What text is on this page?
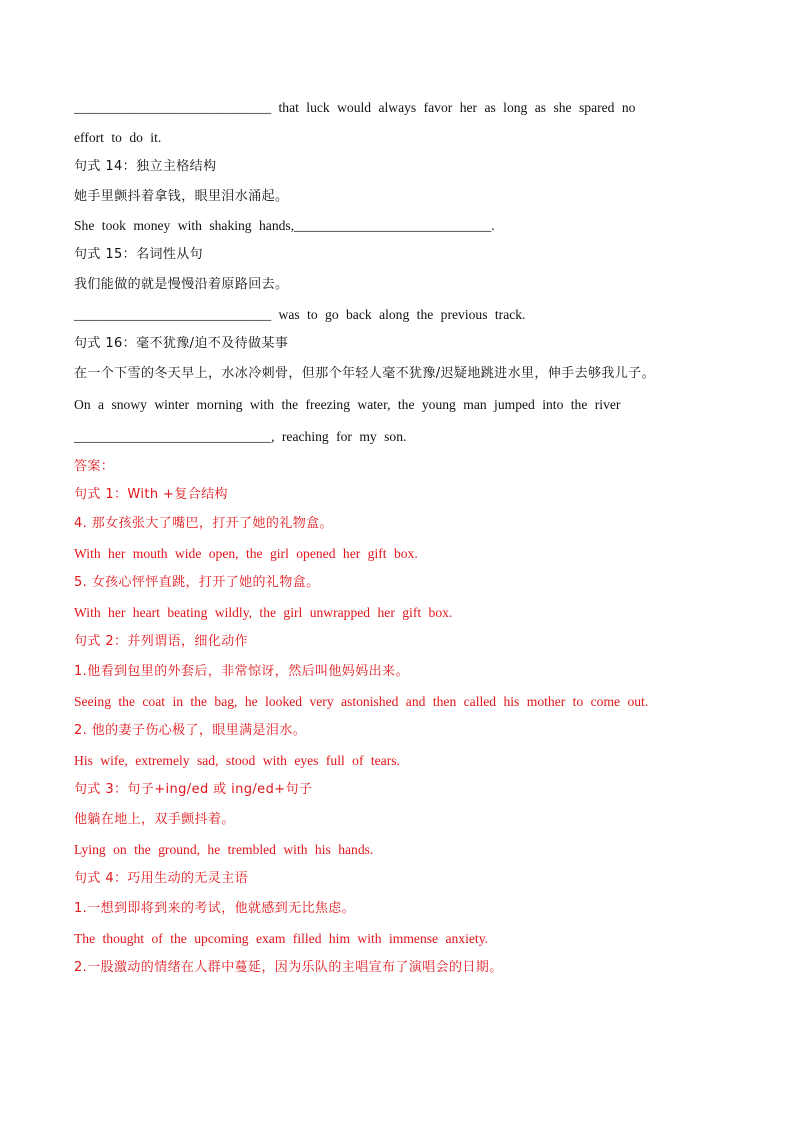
_____________________________ that luck would always favor her as long as she spared no
effort to do it.
句式 14：独立主格结构
她手里颤抖着拿钱，眼里泪水涌起。
She took money with shaking hands,_____________________________.
句式 15：名词性从句
我们能做的就是慢慢沿着原路回去。
_____________________________ was to go back along the previous track.
句式 16：毫不犹豫/迫不及待做某事
在一个下雪的冬天早上，水冰冷刺骨，但那个年轻人毫不犹豫/迟疑地跳进水里，伸手去够我儿子。
On a snowy winter morning with the freezing water, the young man jumped into the river
_____________________________, reaching for my son.
答案：
句式 1：With +复合结构
4. 那女孩张大了嘴巴，打开了她的礼物盒。
With her mouth wide open, the girl opened her gift box.
5. 女孩心怦怦直跳，打开了她的礼物盒。
With her heart beating wildly, the girl unwrapped her gift box.
句式 2：并列谓语，细化动作
1.他看到包里的外套后，非常惊讶，然后叫他妈妈出来。
Seeing the coat in the bag, he looked very astonished and then called his mother to come out.
2. 他的妻子伤心极了，眼里满是泪水。
His wife, extremely sad, stood with eyes full of tears.
句式 3：句子+ing/ed 或 ing/ed+句子
他躺在地上，双手颤抖着。
Lying on the ground, he trembled with his hands.
句式 4：巧用生动的无灵主语
1.一想到即将到来的考试，他就感到无比焦虑。
The thought of the upcoming exam filled him with immense anxiety.
2.一股激动的情绪在人群中蔓延，因为乐队的主唱宣布了演唱会的日期。
